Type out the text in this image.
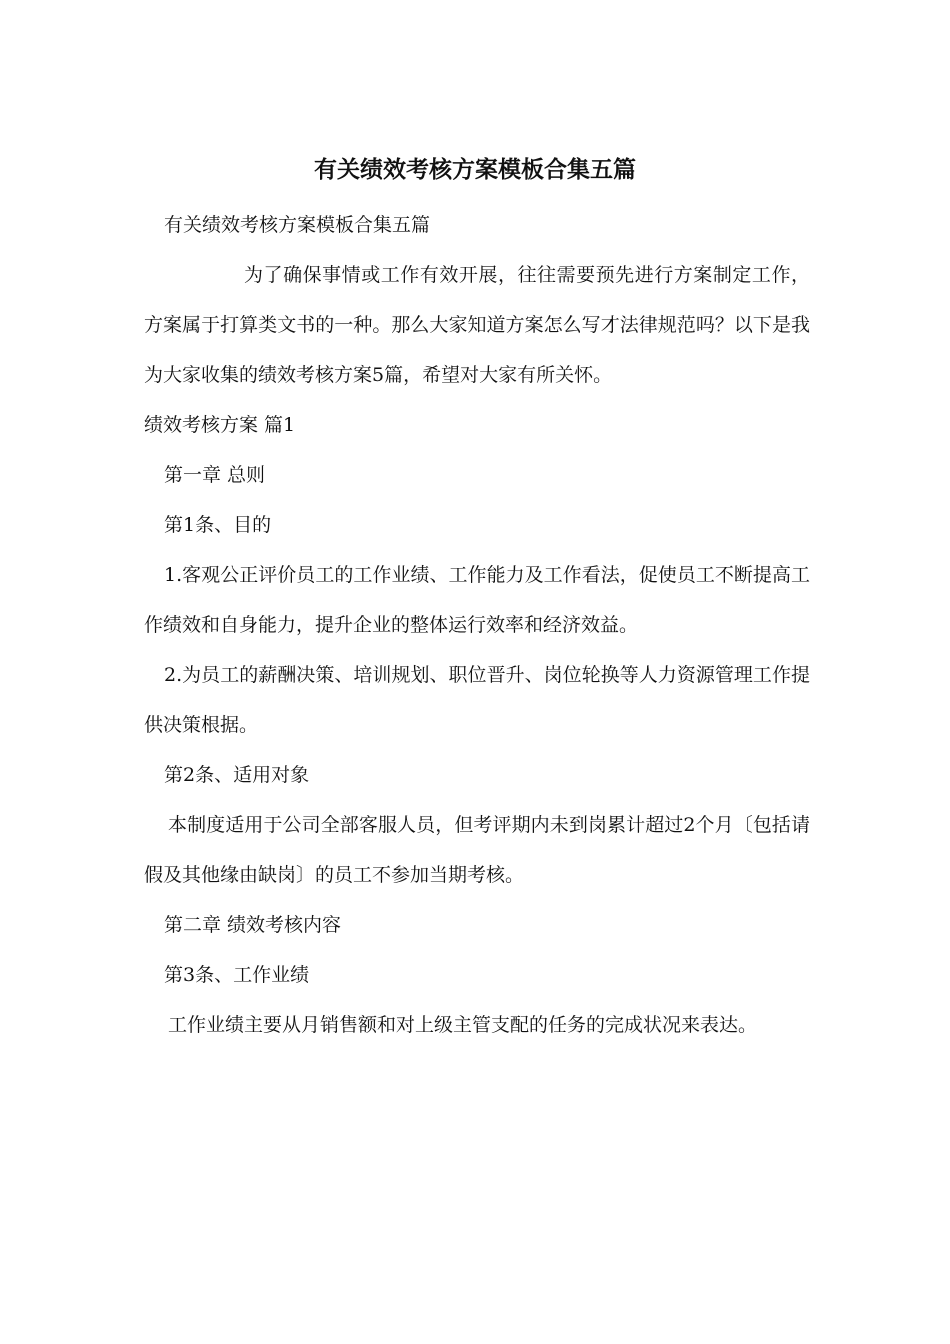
有关绩效考核方案模板合集五篇

有关绩效考核方案模板合集五篇

为了确保事情或工作有效开展，往往需要预先进行方案制定工作，方案属于打算类文书的一种。那么大家知道方案怎么写才法律规范吗？以下是我为大家收集的绩效考核方案5篇，希望对大家有所关怀。

绩效考核方案 篇1

第一章 总则

第1条、目的

1.客观公正评价员工的工作业绩、工作能力及工作看法，促使员工不断提高工作绩效和自身能力，提升企业的整体运行效率和经济效益。

2.为员工的薪酬决策、培训规划、职位晋升、岗位轮换等人力资源管理工作提供决策根据。

第2条、适用对象

本制度适用于公司全部客服人员，但考评期内未到岗累计超过2个月〔包括请假及其他缘由缺岗〕的员工不参加当期考核。

第二章 绩效考核内容

第3条、工作业绩

工作业绩主要从月销售额和对上级主管支配的任务的完成状况来表达。
